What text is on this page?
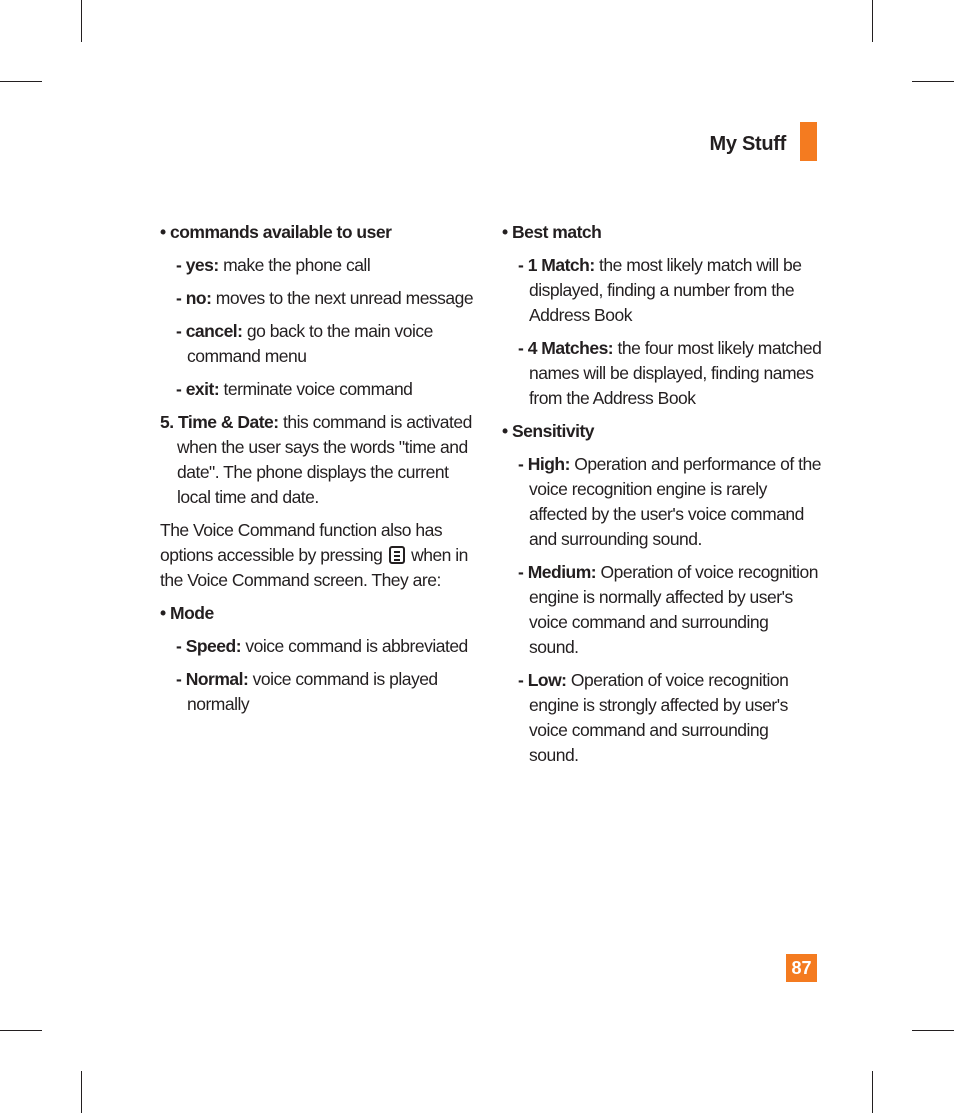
My Stuff

• commands available to user

- yes: make the phone call

- no: moves to the next unread message

- cancel: go back to the main voice command menu

- exit: terminate voice command

5. Time & Date: this command is activated when the user says the words "time and date". The phone displays the current local time and date.

The Voice Command function also has options accessible by pressing
when in the Voice Command screen. They are:

• Mode

- Speed: voice command is abbreviated

- Normal: voice command is played normally

• Best match

- 1 Match: the most likely match will be displayed, finding a number from the Address Book

- 4 Matches: the four most likely matched names will be displayed, finding names from the Address Book

• Sensitivity

- High: Operation and performance of the voice recognition engine is rarely affected by the user's voice command and surrounding sound.

- Medium: Operation of voice recognition engine is normally affected by user's voice command and surrounding sound.

- Low: Operation of voice recognition engine is strongly affected by user's voice command and surrounding sound.

87
